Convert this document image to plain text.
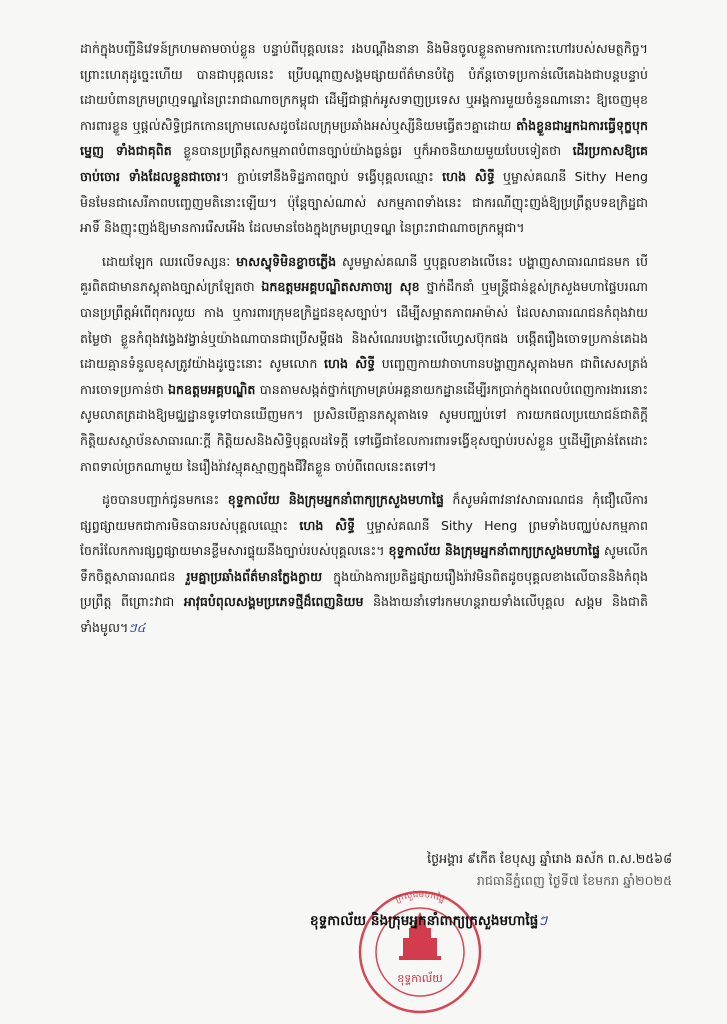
ដាក់ក្នុងបញ្ជីនិវេទន៍ក្រហមតាមចាប់ខ្លួន បន្ទាប់ពីបុគ្គលនេះ រងបណ្ដឹងនានា និងមិនចូលខ្លួនតាមការកោះហៅរបស់សមត្ថកិច្ច។ ព្រោះហេតុដូច្នេះហើយ បានជាបុគ្គលនេះ ប្រើបណ្ដាញសង្គមផ្សាយព័ត៌មានបំភ្លៃ បំភ័ន្តចោទប្រកាន់លើគេឯងជាបន្តបន្ទាប់ ដោយបំពានក្រមព្រហ្មទណ្ឌនៃព្រះរាជាណាចក្រកម្ពុជា ដើម្បីជាផ្កាក់អូសទាញប្រទេស ឬអង្គការមួយចំនួនណានោះ ឱ្យចេញមុខការពារខ្លួន ឬផ្ដល់សិទ្ធិជ្រកកោនក្រោមលេសដូចដែលក្រុមប្រឆាំងអស់ឬស្សីនិយមធ្វើតៗគ្នាដោយ តាំងខ្លួនជាអ្នកឯការធ្វើទុក្ខបុកម្នេញ ទាំងជាគុពិត ខ្លួនបានប្រព្រឹត្តសកម្មភាពបំពានច្បាប់យ៉ាងធ្ងន់ធ្ងរ ឬក៏អាចនិយាយមួយបែបទៀតថា ដើរប្រកាសឱ្យគេចាប់ចោរ ទាំងដែលខ្លួនជាចោរ។ ភ្ជាប់ទៅនឹងទិដ្ឋភាពច្បាប់ ទង្វើបុគ្គលឈ្មោះ ហេង សិទ្ធី ឬម្ចាស់គណនី Sithy Heng មិនមែនជាសេរីភាពបញ្ចេញមតិនោះឡើយ។ ប៉ុន្តែច្បាស់ណាស់ សកម្មភាពទាំងនេះ ជាករណីញុះញង់ឱ្យប្រព្រឹត្តបទឧក្រិដ្ឋជាអាទិ៍ និងញុះញង់ឱ្យមានការរើសអើង ដែលមានចែងក្នុងក្រមព្រហ្មទណ្ឌ នៃព្រះរាជាណាចក្រកម្ពុជា។

ដោយឡែក ឈរលើទស្សនៈ មាសស្វុទិមិនខ្លាចភ្លើង សូមម្ចាស់គណនី ឬបុគ្គលខាងលើនេះ បង្ហាញសាធារណជនមក បើគួរពិតជាមានភស្តុតាងច្បាស់ក្រឡែតថា ឯកឧត្តមអគ្គបណ្ឌិតសភាចារ្យ សុខ ថ្នាក់ដឹកនាំ ឬមន្ត្រីជាន់ខ្ពស់ក្រសួងមហាផ្ទៃបរណា បានប្រព្រឹត្តអំពើពុករលួយ កាង ឬការពារក្រុមឧក្រិដ្ឋជនខុសច្បាប់។ ដើម្បីសម្អាតភាពអាម៉ាស់ ដែលសាធារណជនកំពុងវាយតម្លៃថា ខ្លួនកំពុងវង្វេងវង្វាន់ឬយ៉ាងណាបានជាប្រើសម្ដីផង និងសំណេរបង្ខោះលើហ្វេសប៊ុកផង បង្កើតរឿងចោទប្រកាន់គេឯងដោយគ្មានទំនួលខុសត្រូវយ៉ាងដូច្នេះនោះ សូមលោក ហេង សិទ្ធី បញ្ចេញកាយវាចាហានបង្ហាញភស្តុតាងមក ជាពិសេសត្រង់ការចោទប្រកាន់ថា ឯកឧត្តមអគ្គបណ្ឌិត បានតាមសង្កត់ថ្នាក់ក្រោមគ្រប់អគ្គនាយកដ្ឋានដើម្បីរកប្រាក់ក្នុងពេលបំពេញការងារនោះ សូមលាតត្រដាងឱ្យមជ្ឈដ្ឋានទូទៅបានឃើញមក។ ប្រសិនបើគ្មានភស្តុតាងទេ សូមបញ្ឈប់ទៅ ការយកផលប្រយោជន៍ជាតិក្ដី កិត្តិយសស្ថាប័នសាធារណៈក្ដី កិត្តិយសនិងសិទ្ធិបុគ្គលដទៃក្ដី ទៅធ្វើជាខែលការពារទង្វើខុសច្បាប់របស់ខ្លួន ឬដើម្បីគ្រាន់តែដោះភាពទាល់ច្រកណាមួយ នៃរឿងរ៉ាវស្មុគស្មាញក្នុងជីវិតខ្លួន ចាប់ពីពេលនេះតទៅ។

ដូចបានបញ្ជាក់ជូនមកនេះ ខុទ្ទកាល័យ និងក្រុមអ្នកនាំពាក្យក្រសួងមហាផ្ទៃ ក៏សូមអំពាវនាវសាធារណជន កុំជឿលើការផ្សព្វផ្សាយមកជាការមិនបានរបស់បុគ្គលឈ្មោះ ហេង សិទ្ធី ឬម្ចាស់គណនី Sithy Heng ព្រមទាំងបញ្ឈប់សកម្មភាពចែករំលែកការផ្សព្វផ្សាយមានខ្លឹមសារផ្ទុយនឹងច្បាប់របស់បុគ្គលនេះ។ ខុទ្ទកាល័យ និងក្រុមអ្នកនាំពាក្យក្រសួងមហាផ្ទៃ សូមលើកទឹកចិត្តសាធារណជន រួមគ្នាប្រឆាំងព័ត៌មានក្លែងក្លាយ ក្នុងយ៉ាងការប្រតិដ្ឋផ្សាយរឿងរ៉ាវមិនពិតដូចបុគ្គលខាងលើបាននិងកំពុងប្រព្រឹត្ត ពីព្រោះវាជា អាវុធបំពុលសង្គមប្រភេទថ្មីដ៏ពេញនិយម និងងាយនាំទៅរកមហន្តរាយទាំងលើបុគ្គល សង្គម និងជាតិទាំងមូល។ៗ៤

ថ្ងៃអង្គារ ៩កើត ខែបុស្ស ឆ្នាំរោង ឆស័ក ព.ស.២៥៦៨
រាជធានីភ្នំពេញ ថ្ងៃទី៧ ខែមករា ឆ្នាំ២០២៥
ខុទ្ទកាល័យ
ក្រសួងមហាផ្ទៃ
ខុទ្ទកាល័យ និងក្រុមអ្នកនាំពាក្យក្រសួងមហាផ្ទៃៗ
